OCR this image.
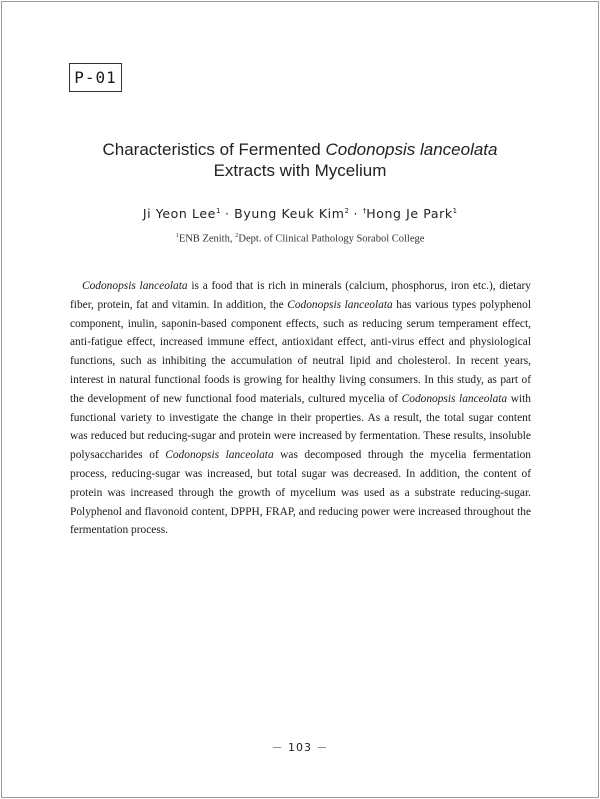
P-01
Characteristics of Fermented Codonopsis lanceolata
Extracts with Mycelium
Ji Yeon Lee$^1$ · Byung Keuk Kim$^2$ · †Hong Je Park$^1$
$^1$ENB Zenith, $^2$Dept. of Clinical Pathology Sorabol College
Codonopsis lanceolata is a food that is rich in minerals (calcium, phosphorus, iron etc.), dietary fiber, protein, fat and vitamin. In addition, the Codonopsis lanceolata has various types polyphenol component, inulin, saponin-based component effects, such as reducing serum temperament effect, anti-fatigue effect, increased immune effect, antioxidant effect, anti-virus effect and physiological functions, such as inhibiting the accumulation of neutral lipid and cholesterol. In recent years, interest in natural functional foods is growing for healthy living consumers. In this study, as part of the development of new functional food materials, cultured mycelia of Codonopsis lanceolata with functional variety to investigate the change in their properties. As a result, the total sugar content was reduced but reducing-sugar and protein were increased by fermentation. These results, insoluble polysaccharides of Codonopsis lanceolata was decomposed through the mycelia fermentation process, reducing-sugar was increased, but total sugar was decreased. In addition, the content of protein was increased through the growth of mycelium was used as a substrate reducing-sugar. Polyphenol and flavonoid content, DPPH, FRAP, and reducing power were increased throughout the fermentation process.
－ 103 －
